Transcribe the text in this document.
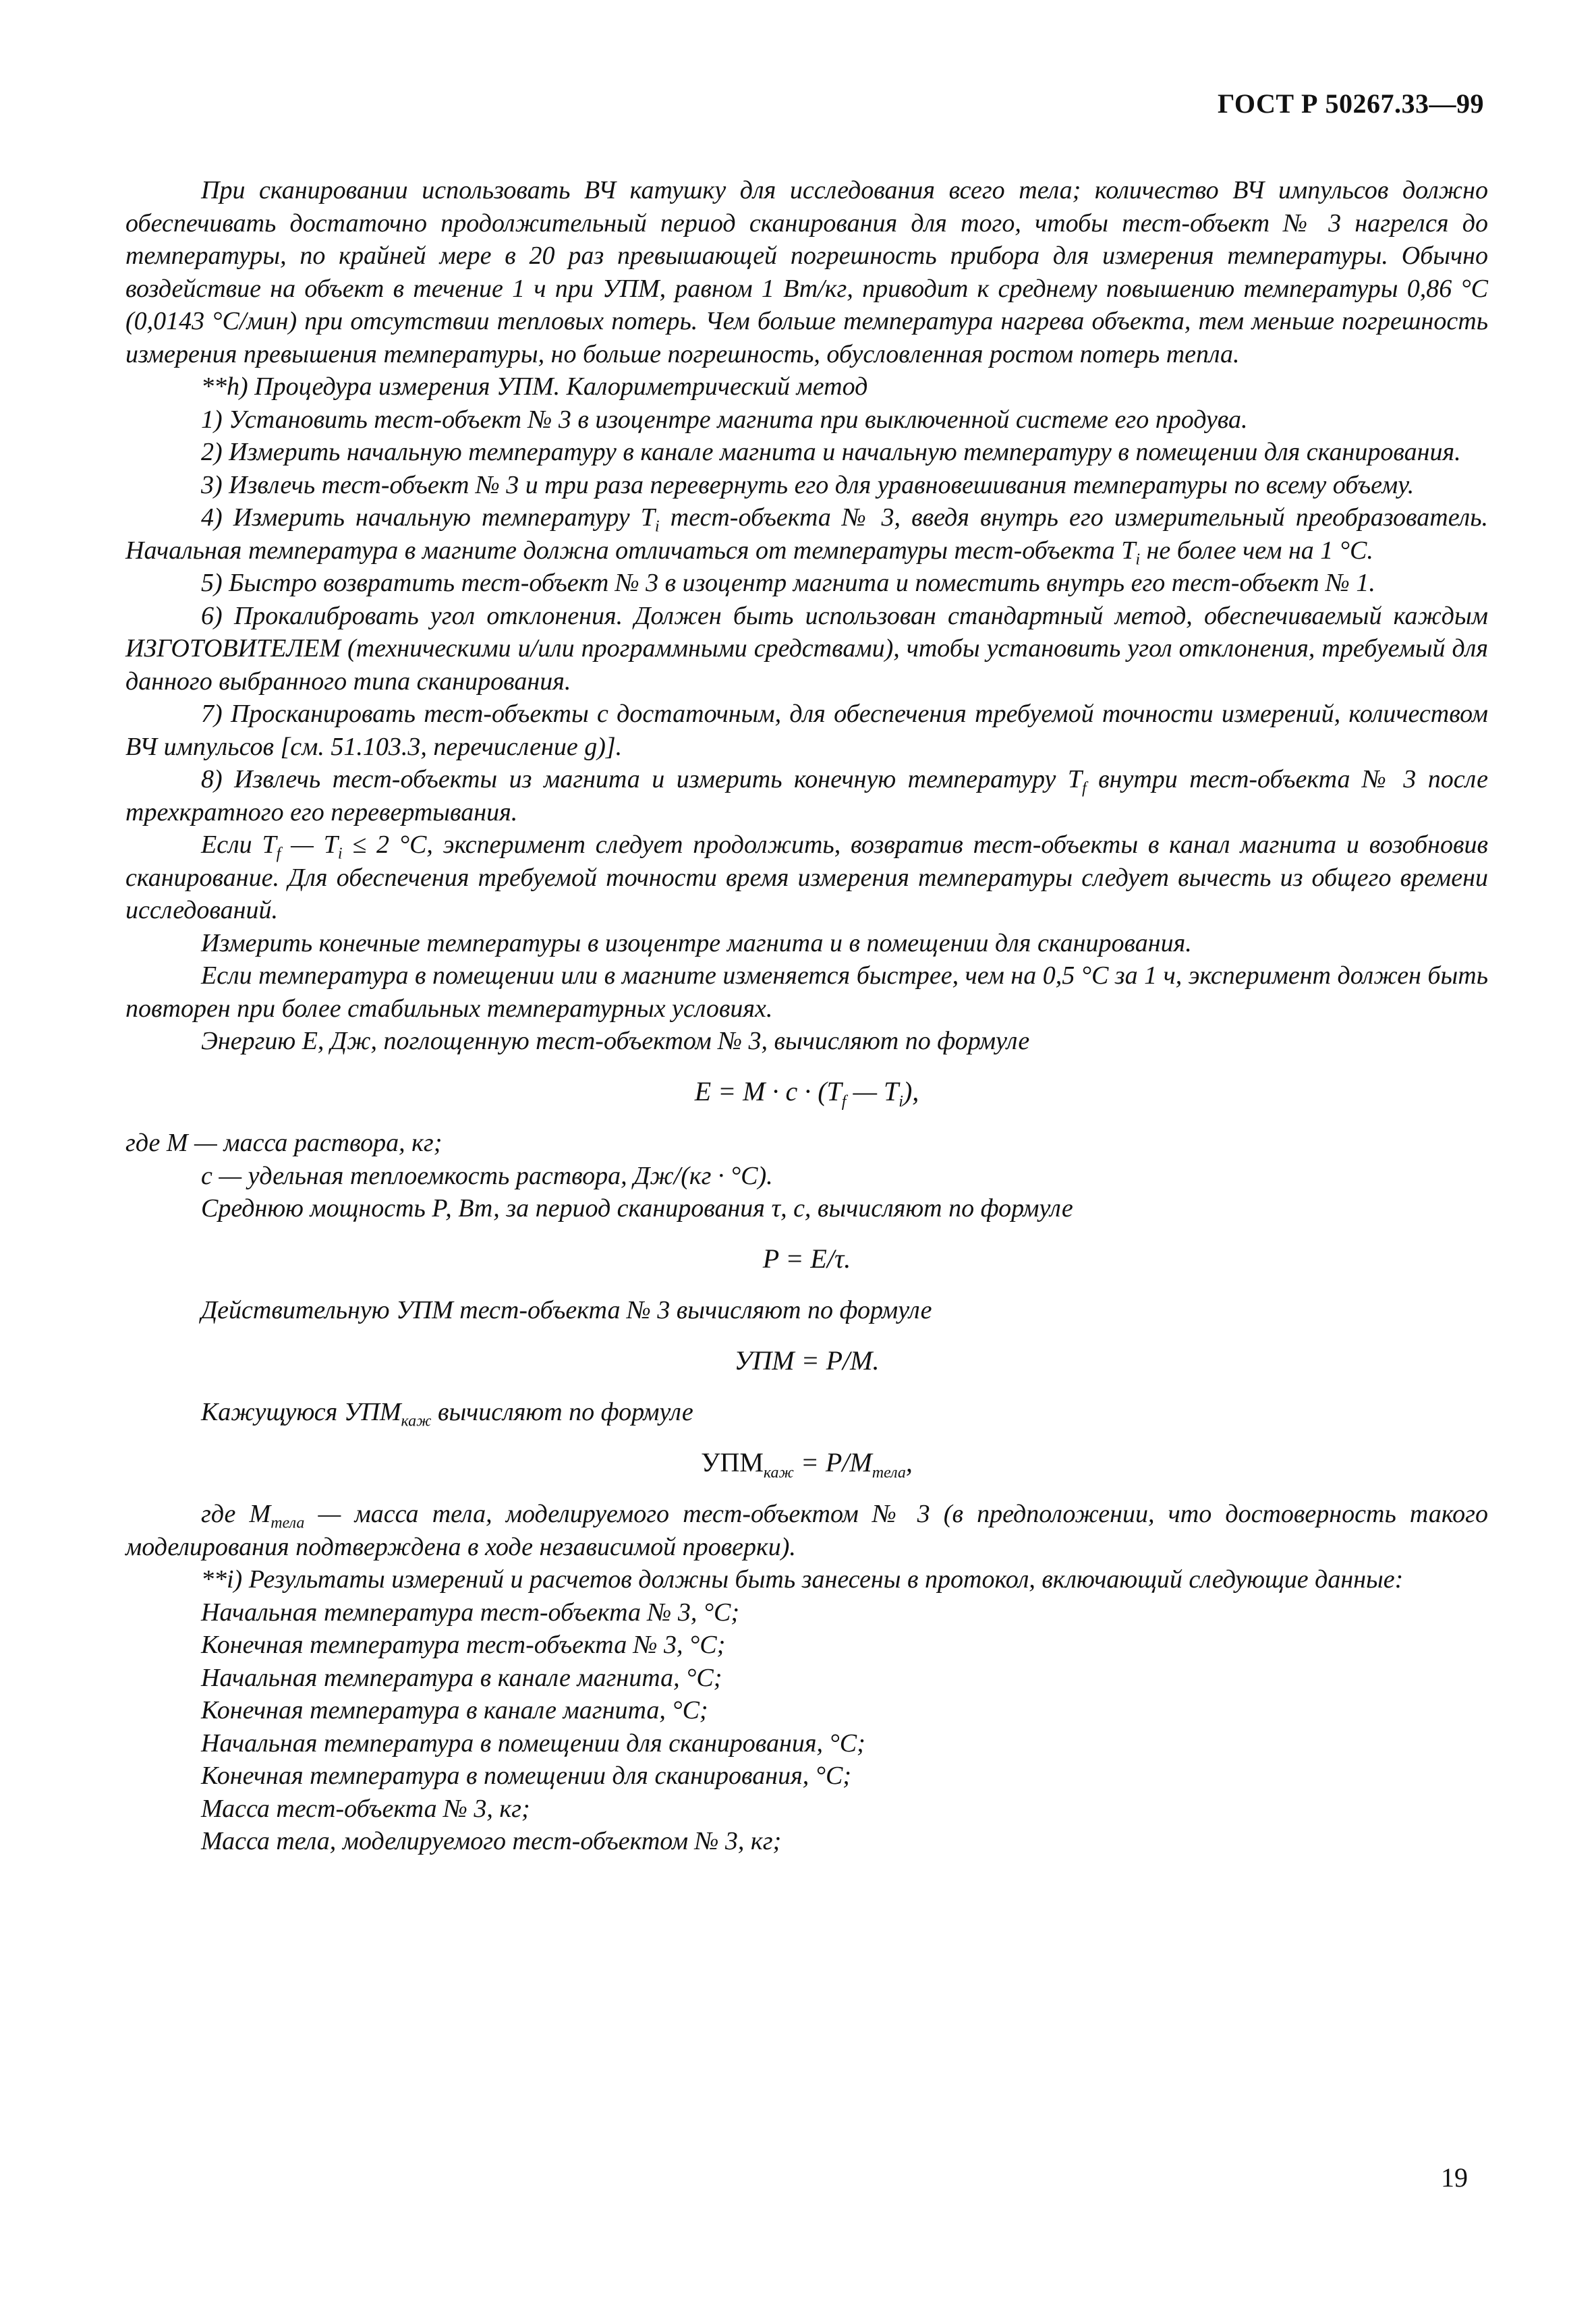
ГОСТ Р 50267.33—99

При сканировании использовать ВЧ катушку для исследования всего тела; количество ВЧ импульсов должно обеспечивать достаточно продолжительный период сканирования для того, чтобы тест-объект № 3 нагрелся до температуры, по крайней мере в 20 раз превышающей погрешность прибора для измерения температуры. Обычно воздействие на объект в течение 1 ч при УПМ, равном 1 Вт/кг, приводит к среднему повышению температуры 0,86 °С (0,0143 °С/мин) при отсутствии тепловых потерь. Чем больше температура нагрева объекта, тем меньше погрешность измерения превышения температуры, но больше погрешность, обусловленная ростом потерь тепла.

**h) Процедура измерения УПМ. Калориметрический метод

1) Установить тест-объект № 3 в изоцентре магнита при выключенной системе его продува.

2) Измерить начальную температуру в канале магнита и начальную температуру в помещении для сканирования.

3) Извлечь тест-объект № 3 и три раза перевернуть его для уравновешивания температуры по всему объему.

4) Измерить начальную температуру $T_i$ тест-объекта № 3, введя внутрь его измерительный преобразователь. Начальная температура в магните должна отличаться от температуры тест-объекта $T_i$ не более чем на 1 °С.

5) Быстро возвратить тест-объект № 3 в изоцентр магнита и поместить внутрь его тест-объект № 1.

6) Прокалибровать угол отклонения. Должен быть использован стандартный метод, обеспечиваемый каждым ИЗГОТОВИТЕЛЕМ (техническими и/или программными средствами), чтобы установить угол отклонения, требуемый для данного выбранного типа сканирования.

7) Просканировать тест-объекты с достаточным, для обеспечения требуемой точности измерений, количеством ВЧ импульсов [см. 51.103.3, перечисление g)].

8) Извлечь тест-объекты из магнита и измерить конечную температуру $T_f$ внутри тест-объекта № 3 после трехкратного его перевертывания.

Если $T_f$ — $T_i \le 2$ °С, эксперимент следует продолжить, возвратив тест-объекты в канал магнита и возобновив сканирование. Для обеспечения требуемой точности время измерения температуры следует вычесть из общего времени исследований.

Измерить конечные температуры в изоцентре магнита и в помещении для сканирования.

Если температура в помещении или в магните изменяется быстрее, чем на 0,5 °С за 1 ч, эксперимент должен быть повторен при более стабильных температурных условиях.

Энергию Е, Дж, поглощенную тест-объектом № 3, вычисляют по формуле

$E = M \cdot c \cdot (T_f$ — $T_i$),

где М — масса раствора, кг;

с — удельная теплоемкость раствора, Дж/(кг · °С).

Среднюю мощность Р, Вт, за период сканирования τ, с, вычисляют по формуле

P = E/τ.

Действительную УПМ тест-объекта № 3 вычисляют по формуле

УПМ = P/M.

Кажущуюся $УПМ_{каж}$ вычисляют по формуле

$УПМ_{каж} = P/M_{тела}$,

где $М_{тела}$ — масса тела, моделируемого тест-объектом № 3 (в предположении, что достоверность такого моделирования подтверждена в ходе независимой проверки).

**i) Результаты измерений и расчетов должны быть занесены в протокол, включающий следующие данные:

Начальная температура тест-объекта № 3, °С;

Конечная температура тест-объекта № 3, °С;

Начальная температура в канале магнита, °С;

Конечная температура в канале магнита, °С;

Начальная температура в помещении для сканирования, °С;

Конечная температура в помещении для сканирования, °С;

Масса тест-объекта № 3, кг;

Масса тела, моделируемого тест-объектом № 3, кг;

19
